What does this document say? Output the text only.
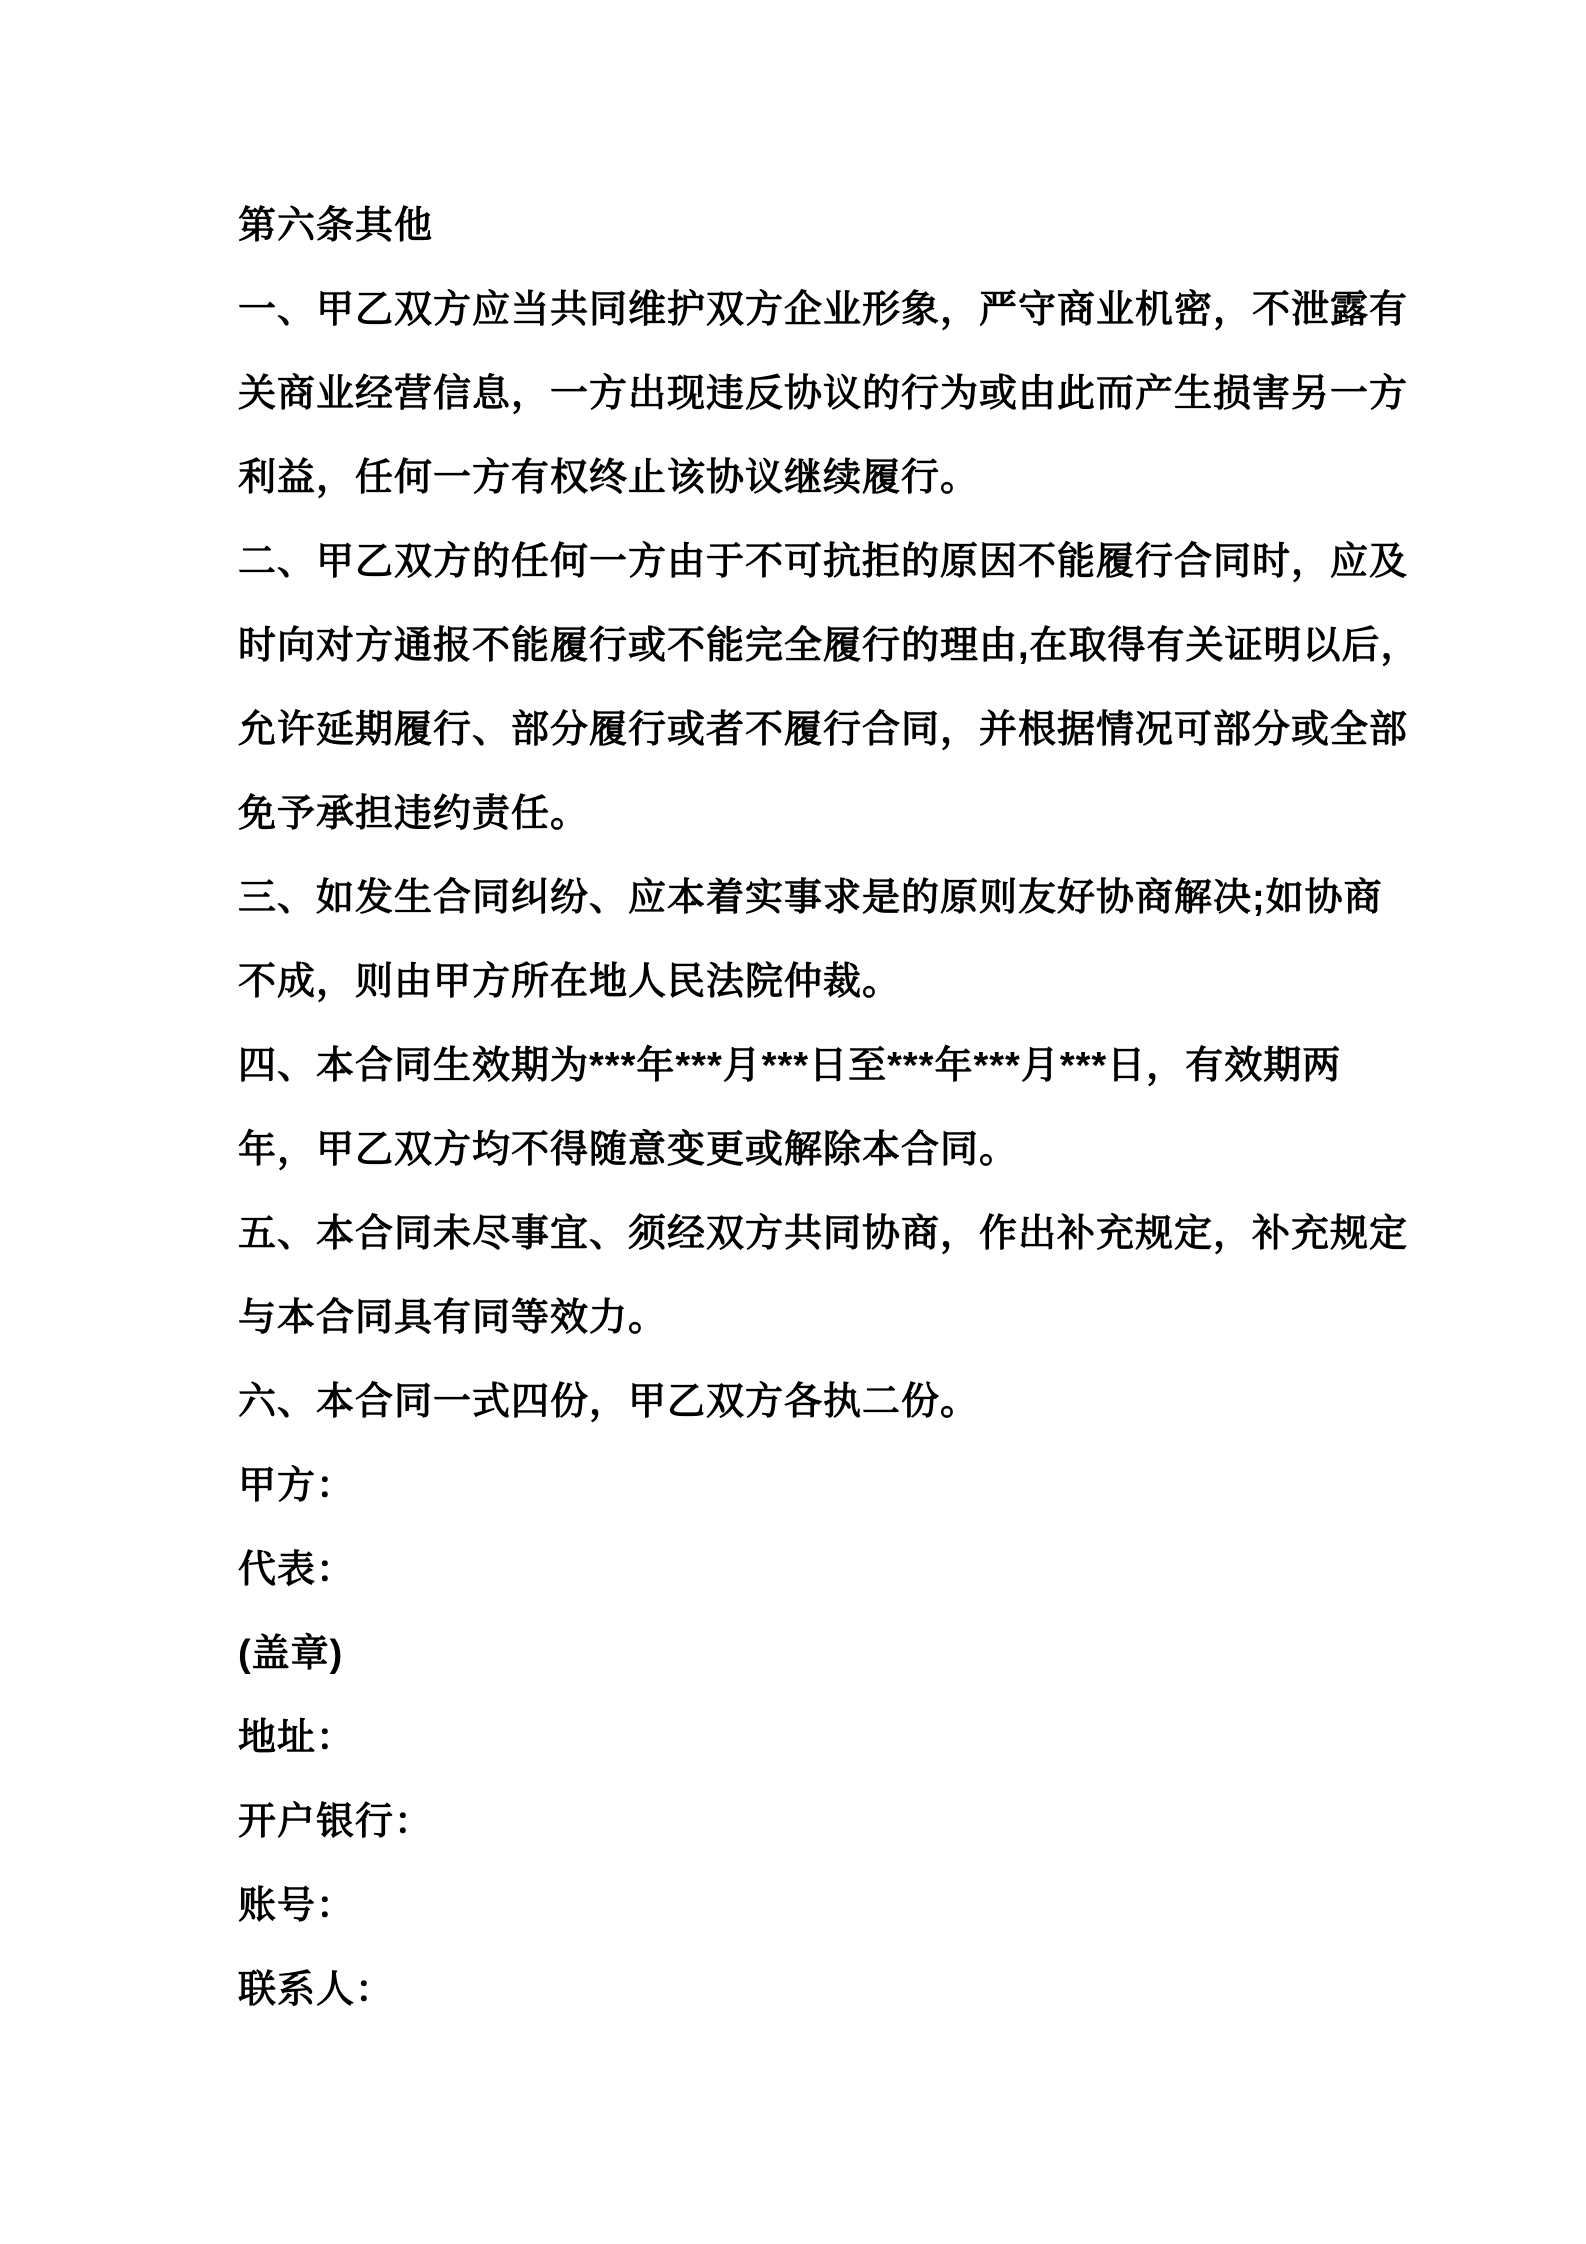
第六条其他

一、甲乙双方应当共同维护双方企业形象，严守商业机密，不泄露有

关商业经营信息，一方出现违反协议的行为或由此而产生损害另一方

利益，任何一方有权终止该协议继续履行。

二、甲乙双方的任何一方由于不可抗拒的原因不能履行合同时，应及

时向对方通报不能履行或不能完全履行的理由,在取得有关证明以后，

允许延期履行、部分履行或者不履行合同，并根据情况可部分或全部

免予承担违约责任。

三、如发生合同纠纷、应本着实事求是的原则友好协商解决;如协商

不成，则由甲方所在地人民法院仲裁。

四、本合同生效期为***年***月***日至***年***月***日，有效期两

年，甲乙双方均不得随意变更或解除本合同。

五、本合同未尽事宜、须经双方共同协商，作出补充规定，补充规定

与本合同具有同等效力。

六、本合同一式四份，甲乙双方各执二份。

甲方：

代表：

(盖章)

地址：

开户银行：

账号：

联系人：
